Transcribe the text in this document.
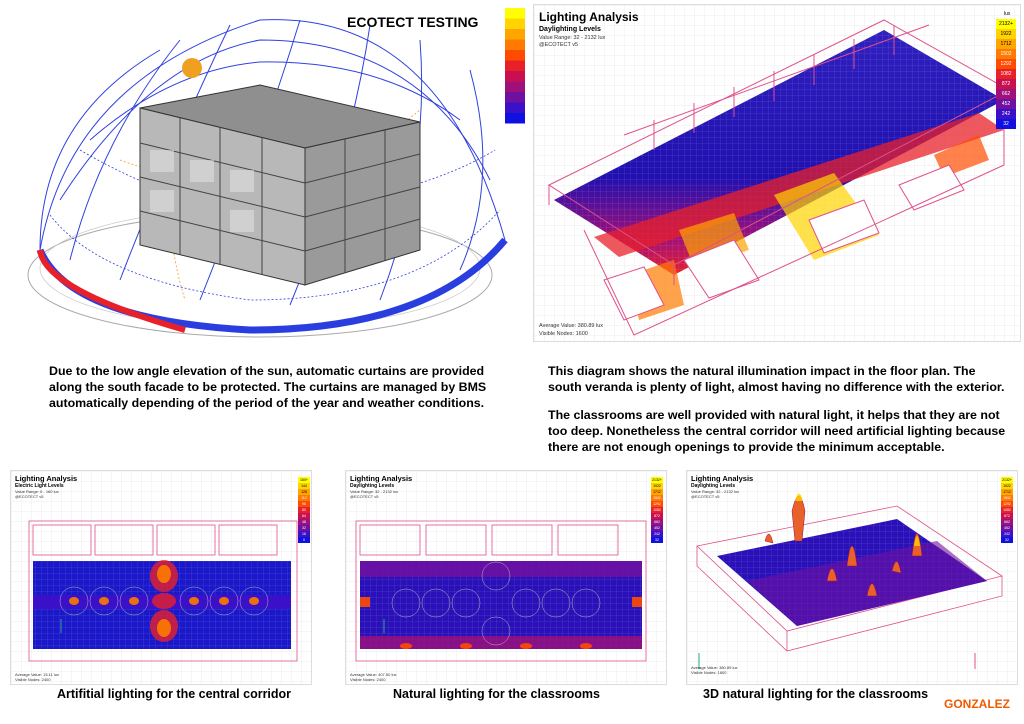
ECOTECT TESTING	Lighting Analysis
Daylighting Levels
Value Range: 32 - 2132 lux
@ECOTECT v5
Average Value: 380.89 lux
Visible Nodes: 1600
lux
2132+
1922
1712
1502
1292
1082
872
662
452
242
32
Due to the low angle elevation of the sun, automatic curtains are provided along the south facade to be protected. The curtains are managed by BMS automatically depending of the period of the year and weather conditions.
This diagram shows the natural illumination impact in the floor plan. The south veranda is plenty of light, almost having no difference with the exterior.
The classrooms are well provided with natural light, it helps that they are not too deep. Nonetheless the central corridor will need artificial lighting because there are not enough openings to provide the minimum acceptable.
Lighting Analysis
Electric Light Levels
Value Range: 0 - 160 lux
@ECOTECT v5
Average Value: 15.11 lux
Visible Nodes: 2400
160+
144
128
112
96
80
64
48
32
16
0
Lighting Analysis
Daylighting Levels
Value Range: 32 - 2132 lux
@ECOTECT v5
Average Value: 407.50 lux
Visible Nodes: 2400
2132+
1922
1712
1502
1292
1082
872
662
452
242
32
Lighting Analysis
Daylighting Levels
Value Range: 32 - 2132 lux
@ECOTECT v5
Average Value: 380.89 lux
Visible Nodes: 1600
2132+
1922
1712
1502
1292
1082
872
662
452
242
32
Artifitial lighting for the central corridor	Natural lighting for the classrooms	3D natural lighting for the classrooms
GONZALEZ
